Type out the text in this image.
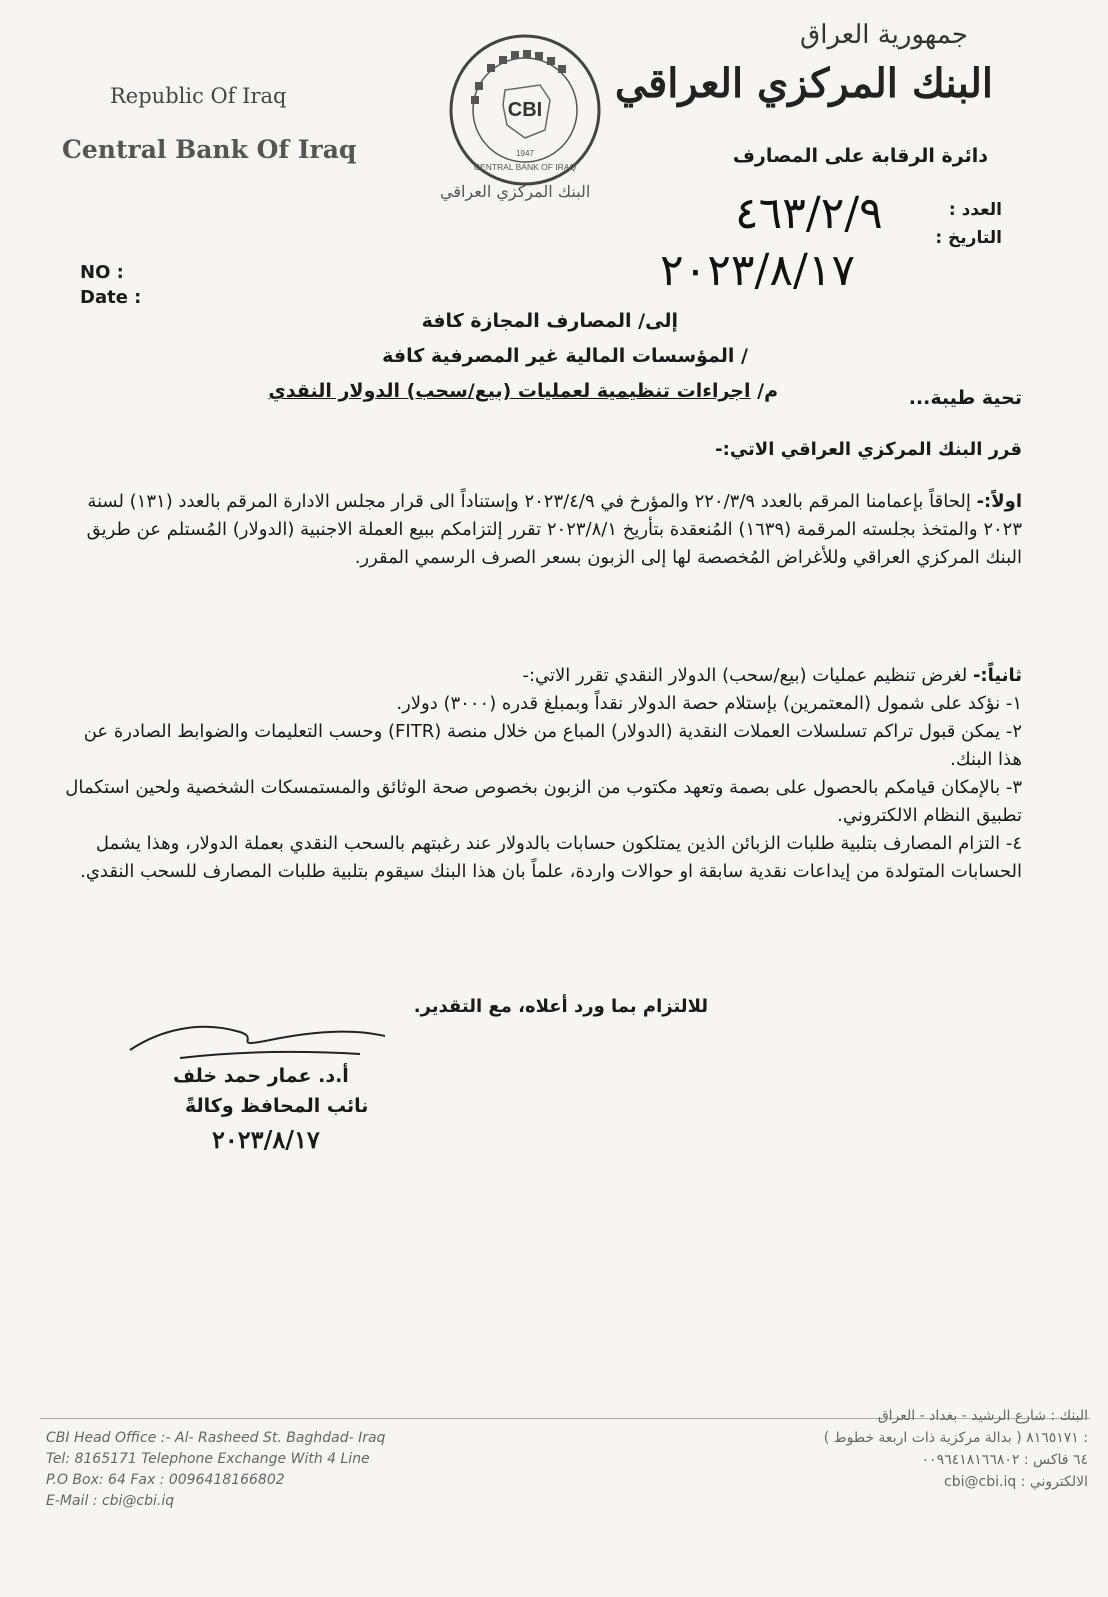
Republic Of Iraq
Central Bank Of Iraq
جمهورية العراق
البنك المركزي العراقي
دائرة الرقابة على المصارف
CBI
1947
CENTRAL BANK OF IRAQ
البنك المركزي العراقي
العدد :
التاريخ :
٤٦٣/٢/٩
٢٠٢٣/٨/١٧
NO :
Date :
إلى/ المصارف المجازة كافة
/ المؤسسات المالية غير المصرفية كافة
م/ اجراءات تنظيمية لعمليات (بيع/سحب) الدولار النقدي	تحية طيبة...
قرر البنك المركزي العراقي الاتي:-
اولاً:- إلحاقاً بإعمامنا المرقم بالعدد ٢٢٠/٣/٩ والمؤرخ في ٢٠٢٣/٤/٩ وإستناداً الى قرار مجلس الادارة المرقم بالعدد (١٣١) لسنة ٢٠٢٣ والمتخذ بجلسته المرقمة (١٦٣٩) المُنعقدة بتأريخ ٢٠٢٣/٨/١ تقرر إلتزامكم ببيع العملة الاجنبية (الدولار) المُستلم عن طريق البنك المركزي العراقي وللأغراض المُخصصة لها إلى الزبون بسعر الصرف الرسمي المقرر.
ثانياً:- لغرض تنظيم عمليات (بيع/سحب) الدولار النقدي تقرر الاتي:-
١- نؤكد على شمول (المعتمرين) بإستلام حصة الدولار نقداً وبمبلغ قدره (٣٠٠٠) دولار.
٢- يمكن قبول تراكم تسلسلات العملات النقدية (الدولار) المباع من خلال منصة (FITR) وحسب التعليمات والضوابط الصادرة عن هذا البنك.
٣- بالإمكان قيامكم بالحصول على بصمة وتعهد مكتوب من الزبون بخصوص صحة الوثائق والمستمسكات الشخصية ولحين استكمال تطبيق النظام الالكتروني.
٤- التزام المصارف بتلبية طلبات الزبائن الذين يمتلكون حسابات بالدولار عند رغبتهم بالسحب النقدي بعملة الدولار، وهذا يشمل الحسابات المتولدة من إيداعات نقدية سابقة او حوالات واردة، علماً بان هذا البنك سيقوم بتلبية طلبات المصارف للسحب النقدي.
للالتزام بما ورد أعلاه، مع التقدير.
أ.د. عمار حمد خلف
نائب المحافظ وكالةً
٢٠٢٣/٨/١٧
CBI Head Office :- Al- Rasheed St. Baghdad- Iraq
Tel: 8165171 Telephone Exchange With 4 Line
P.O Box: 64 Fax : 0096418166802
E-Mail : cbi@cbi.iq
البنك : شارع الرشيد - بغداد - العراق
: ٨١٦٥١٧١ ( بدالة مركزية ذات اربعة خطوط )
٦٤ فاكس : ٠٠٩٦٤١٨١٦٦٨٠٢
الالكتروني : cbi@cbi.iq
